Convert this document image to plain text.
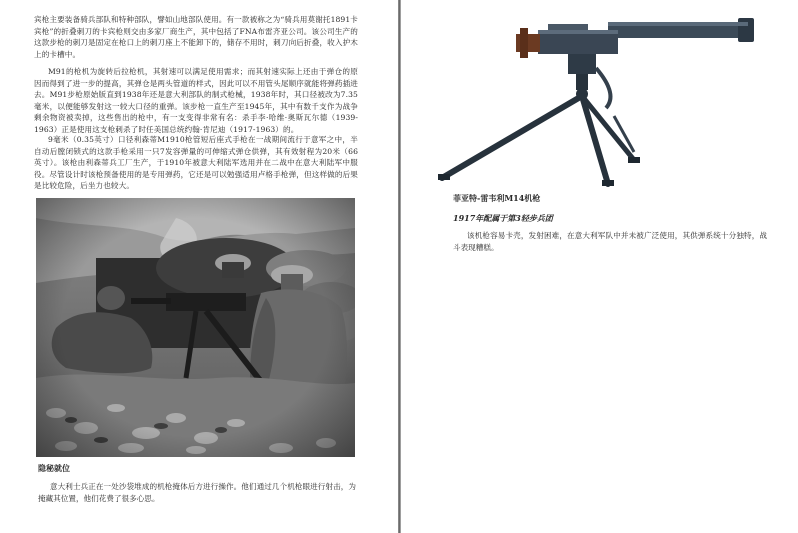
宾枪主要装备骑兵部队和特种部队，譬如山地部队使用。有一款被称之为“骑兵用莫谢托1891卡宾枪”的折叠刺刀的卡宾枪则交由多家厂商生产，其中包括了FNA布雷齐亚公司。该公司生产的这款步枪的刺刀是固定在枪口上的刺刀座上不能卸下的，储存不用时，刺刀向后折叠，收入护木上的卡槽中。

M91的枪机为旋转后拉枪机，其射速可以满足使用需求；而其射速实际上还由于弹仓的原因而得到了进一步的提高，其弹仓是两头管道的样式，因此可以不用管头尾顺序就能将弹药插进去。M91步枪原始版直到1938年还是意大利部队的制式枪械，1938年时，其口径被改为7.35毫米，以便能够发射这一较大口径的重弹。该步枪一直生产至1945年，其中有数千支作为战争剩余物资被卖掉，这些售出的枪中，有一支变得非常有名：杀手李·哈维·奥斯瓦尔德（1939-1963）正是使用这支枪刺杀了时任美国总统约翰·肯尼迪（1917-1963）的。

9毫米（0.35英寸）口径利森蒂M1910枪管短后座式手枪在一战期间流行于意军之中，半自动后膛闭锁式的这款手枪采用一只7发容弹量的可伸缩式弹仓供弹，其有效射程为20米（66英寸）。该枪由利森蒂兵工厂生产，于1910年被意大利陆军选用并在二战中在意大利陆军中服役。尽管设计时该枪预备使用的是专用弹药，它还是可以勉强适用卢格手枪弹，但这样做的后果是比较危险，后坐力也较大。

隐秘就位

意大利士兵正在一处沙袋堆成的机枪掩体后方进行操作。他们通过几个机枪眼进行射击，为掩藏其位置，他们花费了很多心思。

菲亚特-雷韦利M14机枪

1917年配属于第3轻步兵团

该机枪容易卡壳，发射困难，在意大利军队中并未被广泛使用，其供弹系统十分独特，战斗表现糟糕。
